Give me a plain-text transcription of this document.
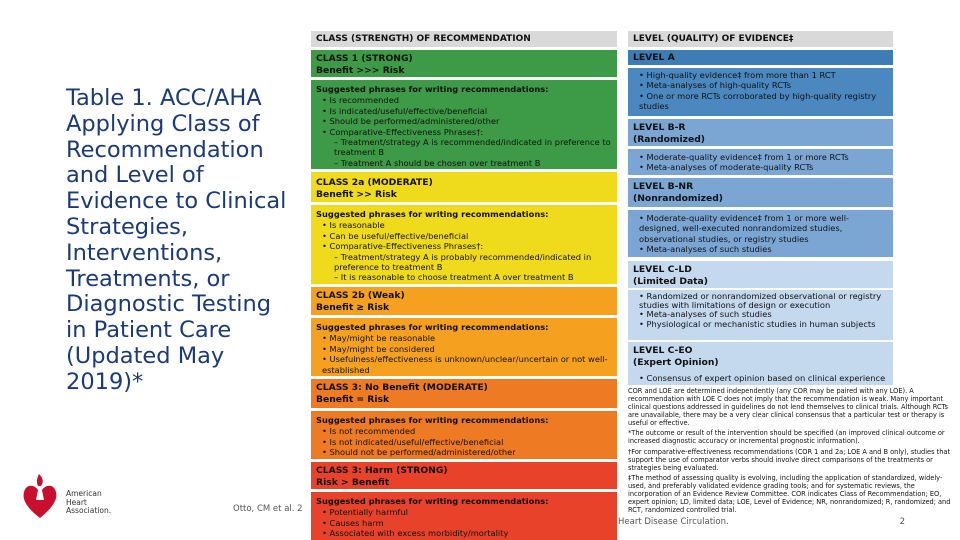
Table 1. ACC/AHA Applying Class of Recommendation and Level of Evidence to Clinical Strategies, Interventions, Treatments, or Diagnostic Testing in Patient Care (Updated May 2019)*
American Heart Association.	Otto, CM et al. 2
CLASS (STRENGTH) OF RECOMMENDATION
CLASS 1 (STRONG)
Benefit >>> Risk
Suggested phrases for writing recommendations:
• Is recommended
• Is indicated/useful/effective/beneficial
• Should be performed/administered/other
• Comparative-Effectiveness Phrases†:
– Treatment/strategy A is recommended/indicated in preference to treatment B
– Treatment A should be chosen over treatment B
CLASS 2a (MODERATE)
Benefit >> Risk
Suggested phrases for writing recommendations:
• Is reasonable
• Can be useful/effective/beneficial
• Comparative-Effectiveness Phrases†:
– Treatment/strategy A is probably recommended/indicated in preference to treatment B
– It is reasonable to choose treatment A over treatment B
CLASS 2b (Weak)
Benefit ≥ Risk
Suggested phrases for writing recommendations:
• May/might be reasonable
• May/might be considered
• Usefulness/effectiveness is unknown/unclear/uncertain or not well-established
CLASS 3: No Benefit (MODERATE)
Benefit = Risk
Suggested phrases for writing recommendations:
• Is not recommended
• Is not indicated/useful/effective/beneficial
• Should not be performed/administered/other
CLASS 3: Harm (STRONG)
Risk > Benefit
Suggested phrases for writing recommendations:
• Potentially harmful
• Causes harm
• Associated with excess morbidity/mortality
LEVEL (QUALITY) OF EVIDENCE‡
LEVEL A
• High-quality evidence‡ from more than 1 RCT
• Meta-analyses of high-quality RCTs
• One or more RCTs corroborated by high-quality registry studies
LEVEL B-R
(Randomized)
• Moderate-quality evidence‡ from 1 or more RCTs
• Meta-analyses of moderate-quality RCTs
LEVEL B-NR
(Nonrandomized)
• Moderate-quality evidence‡ from 1 or more well-designed, well-executed nonrandomized studies, observational studies, or registry studies
• Meta-analyses of such studies
LEVEL C-LD
(Limited Data)
• Randomized or nonrandomized observational or registry studies with limitations of design or execution
• Meta-analyses of such studies
• Physiological or mechanistic studies in human subjects
LEVEL C-EO
(Expert Opinion)
• Consensus of expert opinion based on clinical experience
COR and LOE are determined independently (any COR may be paired with any LOE). A recommendation with LOE C does not imply that the recommendation is weak. Many important clinical questions addressed in guidelines do not lend themselves to clinical trials. Although RCTs are unavailable, there may be a very clear clinical consensus that a particular test or therapy is useful or effective.
*The outcome or result of the intervention should be specified (an improved clinical outcome or increased diagnostic accuracy or incremental prognostic information).
†For comparative-effectiveness recommendations (COR 1 and 2a; LOE A and B only), studies that support the use of comparator verbs should involve direct comparisons of the treatments or strategies being evaluated.
‡The method of assessing quality is evolving, including the application of standardized, widely-used, and preferably validated evidence grading tools; and for systematic reviews, the incorporation of an Evidence Review Committee. COR indicates Class of Recommendation; EO, expert opinion; LD, limited data; LOE, Level of Evidence; NR, nonrandomized; R, randomized; and RCT, randomized controlled trial.
Heart Disease Circulation.	2
